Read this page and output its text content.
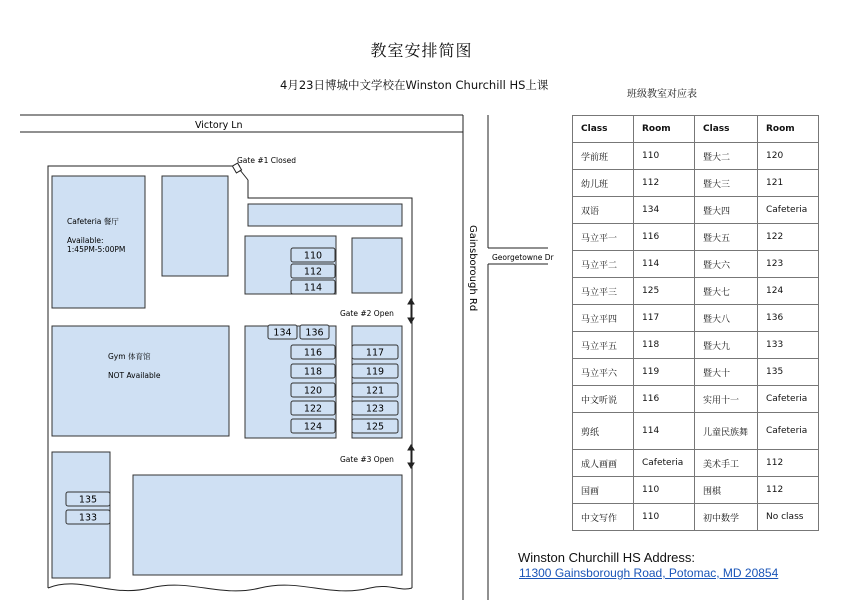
教室安排简图
4月23日博城中文学校在Winston Churchill HS上课
Victory Ln
Gainsborough Rd Georgetowne Dr
Gate #1 Closed
Gate #2 Open
Gate #3 Open
Cafeteria 餐厅
Available:
1:45PM-5:00PM
Gym 体育馆
NOT Available
110
112
114
134 136
116
118
120
122
124
117
119
121
123
125
135
133
班级教室对应表
Class	Room	Class	Room
学前班	110	暨大二	120
幼儿班	112	暨大三	121
双语	134	暨大四	Cafeteria
马立平一	116	暨大五	122
马立平二	114	暨大六	123
马立平三	125	暨大七	124
马立平四	117	暨大八	136
马立平五	118	暨大九	133
马立平六	119	暨大十	135
中文听说	116	实用十一	Cafeteria
剪纸	114	儿童民族舞	Cafeteria
成人画画	Cafeteria	美术手工	112
国画	110	围棋	112
中文写作	110	初中数学	No class
Winston Churchill HS Address:
11300 Gainsborough Road, Potomac, MD 20854
